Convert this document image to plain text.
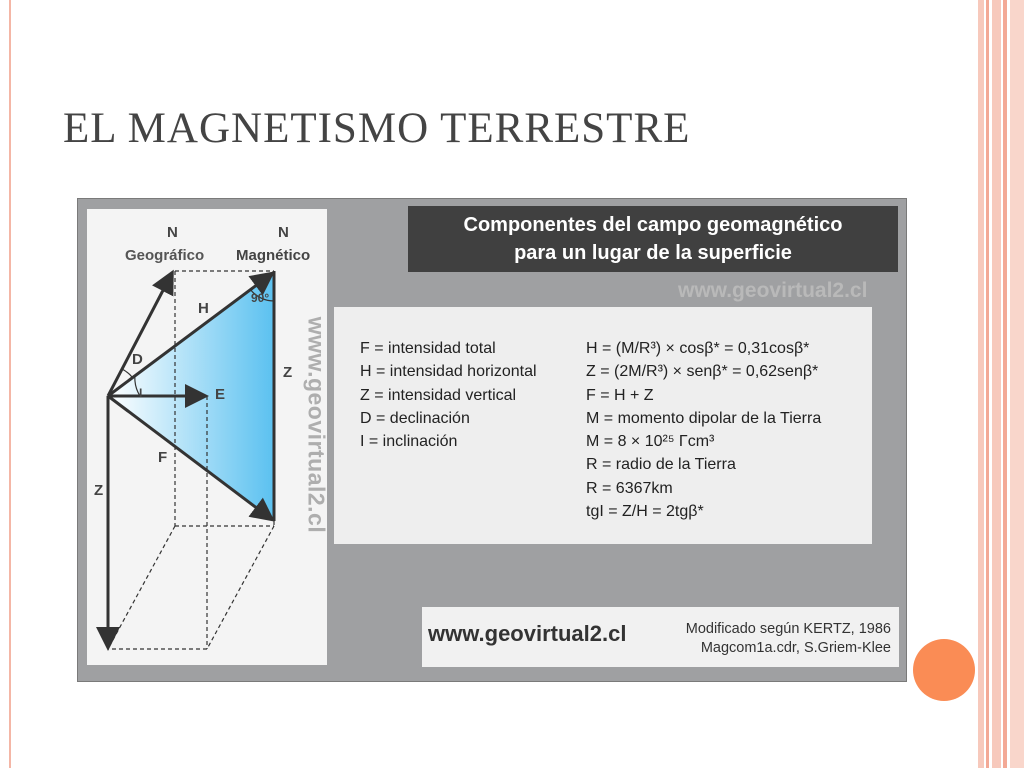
EL MAGNETISMO TERRESTRE
N
Geográfico
N
Magnético
90°
H
D
I	E
Z
F
Z	www.geovirtual2.cl
Componentes del campo geomagnético
para un lugar de la superficie
www.geovirtual2.cl
F = intensidad total
H = intensidad horizontal
Z = intensidad vertical
D = declinación
I = inclinación
H = (M/R³) × cosβ* = 0,31cosβ*
Z = (2M/R³) × senβ* = 0,62senβ*
F = H + Z
M = momento dipolar de la Tierra
M = 8 × 10²⁵ Γcm³
R = radio de la Tierra
R = 6367km
tgI = Z/H = 2tgβ*
www.geovirtual2.cl	Modificado según KERTZ, 1986
Magcom1a.cdr, S.Griem-Klee
